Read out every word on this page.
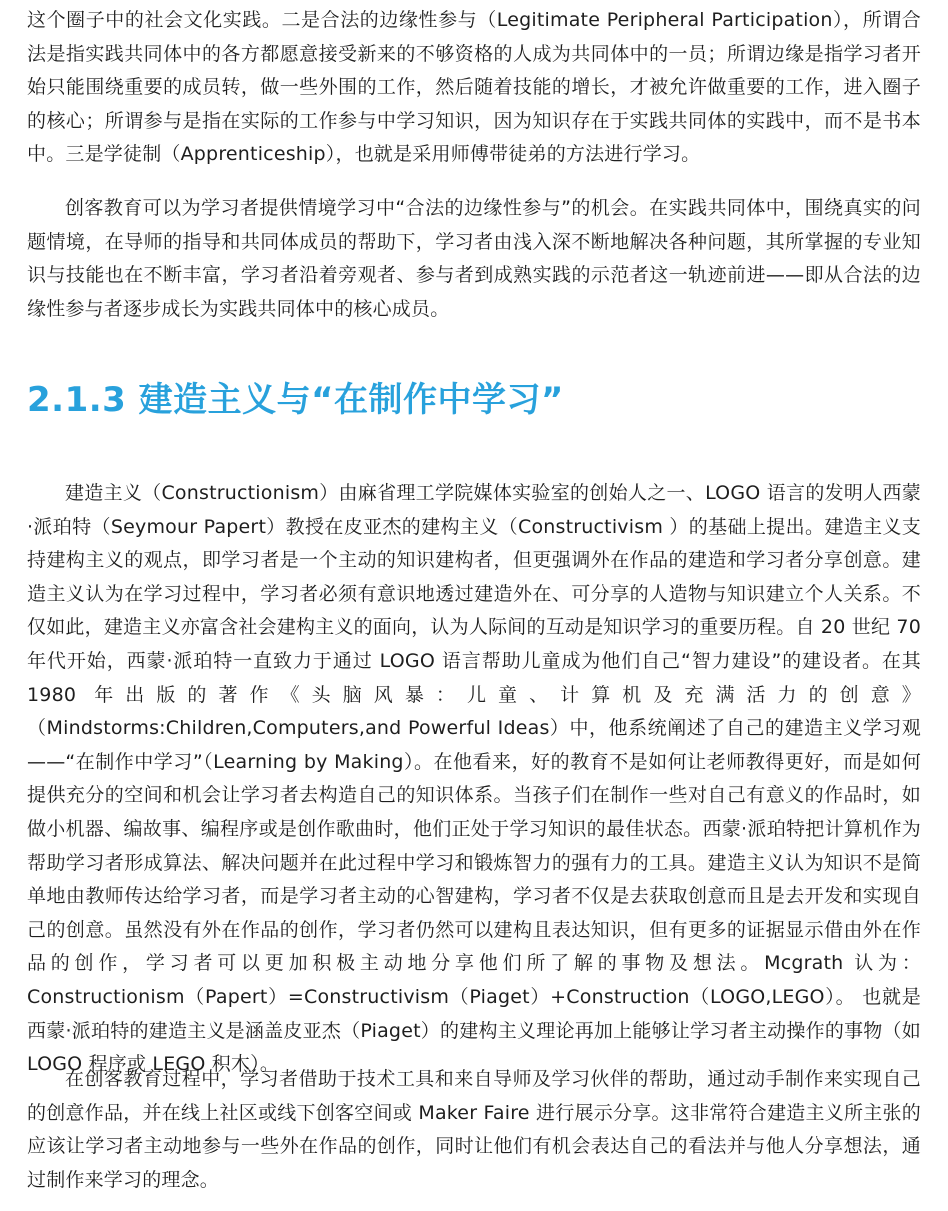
这个圈子中的社会文化实践。二是合法的边缘性参与（Legitimate Peripheral Participation），所谓合法是指实践共同体中的各方都愿意接受新来的不够资格的人成为共同体中的一员；所谓边缘是指学习者开始只能围绕重要的成员转，做一些外围的工作，然后随着技能的增长，才被允许做重要的工作，进入圈子的核心；所谓参与是指在实际的工作参与中学习知识，因为知识存在于实践共同体的实践中，而不是书本中。三是学徒制（Apprenticeship），也就是采用师傅带徒弟的方法进行学习。

创客教育可以为学习者提供情境学习中“合法的边缘性参与”的机会。在实践共同体中，围绕真实的问题情境，在导师的指导和共同体成员的帮助下，学习者由浅入深不断地解决各种问题，其所掌握的专业知识与技能也在不断丰富，学习者沿着旁观者、参与者到成熟实践的示范者这一轨迹前进——即从合法的边缘性参与者逐步成长为实践共同体中的核心成员。

2.1.3 建造主义与“在制作中学习”

建造主义（Constructionism）由麻省理工学院媒体实验室的创始人之一、LOGO 语言的发明人西蒙·派珀特（Seymour Papert）教授在皮亚杰的建构主义（Constructivism ）的基础上提出。建造主义支持建构主义的观点，即学习者是一个主动的知识建构者，但更强调外在作品的建造和学习者分享创意。建造主义认为在学习过程中，学习者必须有意识地透过建造外在、可分享的人造物与知识建立个人关系。不仅如此，建造主义亦富含社会建构主义的面向，认为人际间的互动是知识学习的重要历程。自 20 世纪 70 年代开始，西蒙·派珀特一直致力于通过 LOGO 语言帮助儿童成为他们自己“智力建设”的建设者。在其 1980 年出版的著作《头脑风暴：儿童、计算机及充满活力的创意》（Mindstorms:Children,Computers,and Powerful Ideas）中，他系统阐述了自己的建造主义学习观——“在制作中学习”（Learning by Making）。在他看来，好的教育不是如何让老师教得更好，而是如何提供充分的空间和机会让学习者去构造自己的知识体系。当孩子们在制作一些对自己有意义的作品时，如做小机器、编故事、编程序或是创作歌曲时，他们正处于学习知识的最佳状态。西蒙·派珀特把计算机作为帮助学习者形成算法、解决问题并在此过程中学习和锻炼智力的强有力的工具。建造主义认为知识不是简单地由教师传达给学习者，而是学习者主动的心智建构，学习者不仅是去获取创意而且是去开发和实现自己的创意。虽然没有外在作品的创作，学习者仍然可以建构且表达知识，但有更多的证据显示借由外在作品的创作，学习者可以更加积极主动地分享他们所了解的事物及想法。Mcgrath 认为：Constructionism（Papert）=Constructivism（Piaget）+Construction（LOGO,LEGO）。 也就是西蒙·派珀特的建造主义是涵盖皮亚杰（Piaget）的建构主义理论再加上能够让学习者主动操作的事物（如 LOGO 程序或 LEGO 积木）。

在创客教育过程中，学习者借助于技术工具和来自导师及学习伙伴的帮助，通过动手制作来实现自己的创意作品，并在线上社区或线下创客空间或 Maker Faire 进行展示分享。这非常符合建造主义所主张的应该让学习者主动地参与一些外在作品的创作，同时让他们有机会表达自己的看法并与他人分享想法，通过制作来学习的理念。
